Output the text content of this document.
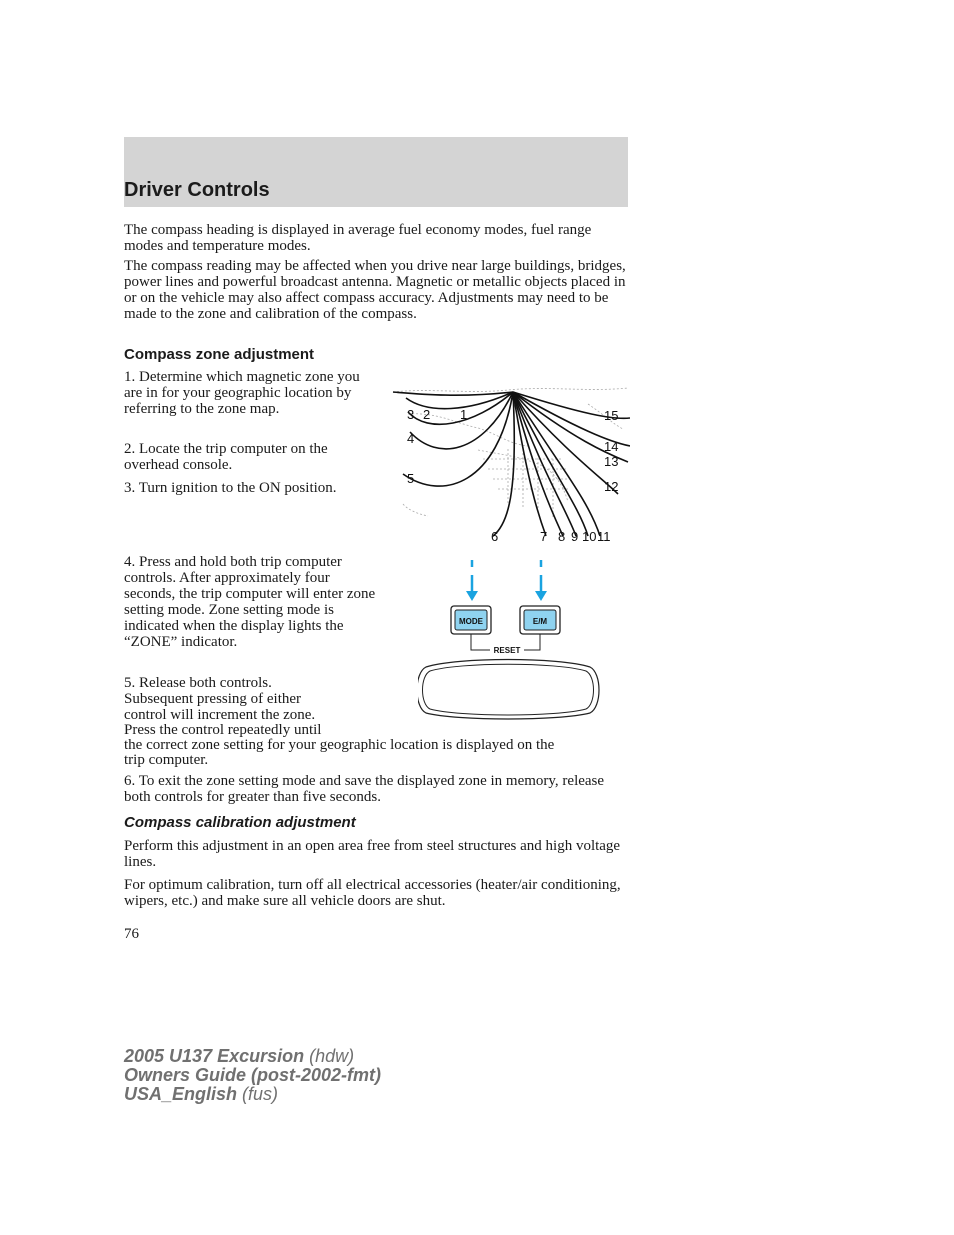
Driver Controls

The compass heading is displayed in average fuel economy modes, fuel range modes and temperature modes.

The compass reading may be affected when you drive near large buildings, bridges, power lines and powerful broadcast antenna. Magnetic or metallic objects placed in or on the vehicle may also affect compass accuracy. Adjustments may need to be made to the zone and calibration of the compass.

Compass zone adjustment

1. Determine which magnetic zone you are in for your geographic location by referring to the zone map.

2. Locate the trip computer on the overhead console.

3. Turn ignition to the ON position.

1
2
3
4
5
6	7 8 9 10 11
12
13
14
15

4. Press and hold both trip computer controls. After approximately four seconds, the trip computer will enter zone setting mode. Zone setting mode is indicated when the display lights the “ZONE” indicator.

MODE	E/M
RESET
5. Release both controls.
Subsequent pressing of either
control will increment the zone.
Press the control repeatedly until
the correct zone setting for your geographic location is displayed on the
trip computer.

6. To exit the zone setting mode and save the displayed zone in memory, release both controls for greater than five seconds.

Compass calibration adjustment

Perform this adjustment in an open area free from steel structures and high voltage lines.

For optimum calibration, turn off all electrical accessories (heater/air conditioning, wipers, etc.) and make sure all vehicle doors are shut.

76
2005 U137 Excursion (hdw)
Owners Guide (post-2002-fmt)
USA_English (fus)
